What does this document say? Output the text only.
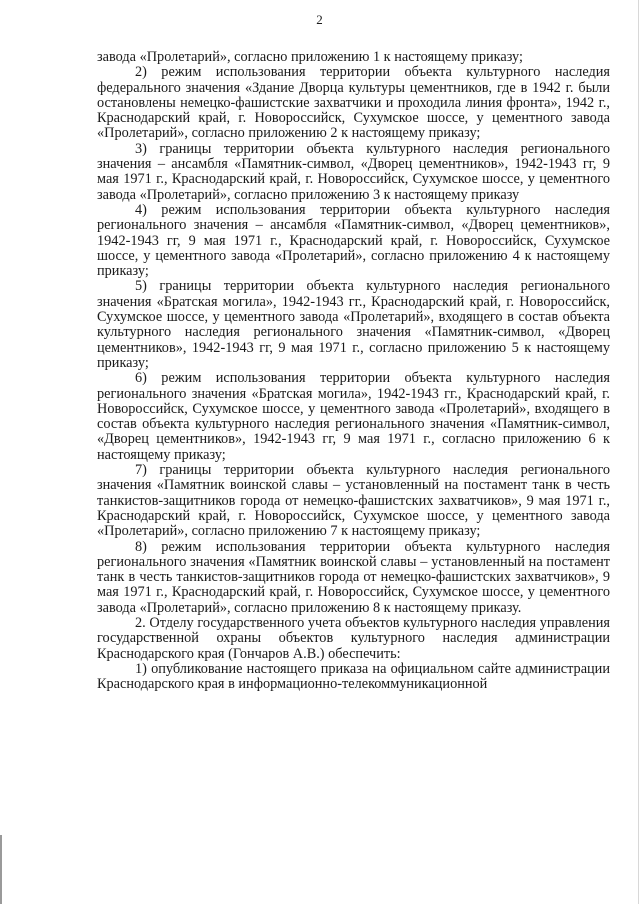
2

завода «Пролетарий», согласно приложению 1 к настоящему приказу;

2) режим использования территории объекта культурного наследия федерального значения «Здание Дворца культуры цементников, где в 1942 г. были остановлены немецко-фашистские захватчики и проходила линия фронта», 1942 г., Краснодарский край, г. Новороссийск, Сухумское шоссе, у цементного завода «Пролетарий», согласно приложению 2 к настоящему приказу;

3) границы территории объекта культурного наследия регионального значения – ансамбля «Памятник-символ, «Дворец цементников», 1942-1943 гг, 9 мая 1971 г., Краснодарский край, г. Новороссийск, Сухумское шоссе, у цементного завода «Пролетарий», согласно приложению 3 к настоящему приказу

4) режим использования территории объекта культурного наследия регионального значения – ансамбля «Памятник-символ, «Дворец цементников», 1942-1943 гг, 9 мая 1971 г., Краснодарский край, г. Новороссийск, Сухумское шоссе, у цементного завода «Пролетарий», согласно приложению 4 к настоящему приказу;

5) границы территории объекта культурного наследия регионального значения «Братская могила», 1942-1943 гг., Краснодарский край, г. Новороссийск, Сухумское шоссе, у цементного завода «Пролетарий», входящего в состав объекта культурного наследия регионального значения «Памятник-символ, «Дворец цементников», 1942-1943 гг, 9 мая 1971 г., согласно приложению 5 к настоящему приказу;

6) режим использования территории объекта культурного наследия регионального значения «Братская могила», 1942-1943 гг., Краснодарский край, г. Новороссийск, Сухумское шоссе, у цементного завода «Пролетарий», входящего в состав объекта культурного наследия регионального значения «Памятник-символ, «Дворец цементников», 1942-1943 гг, 9 мая 1971 г., согласно приложению 6 к настоящему приказу;

7) границы территории объекта культурного наследия регионального значения «Памятник воинской славы – установленный на постамент танк в честь танкистов-защитников города от немецко-фашистских захватчиков», 9 мая 1971 г., Краснодарский край, г. Новороссийск, Сухумское шоссе, у цементного завода «Пролетарий», согласно приложению 7 к настоящему приказу;

8) режим использования территории объекта культурного наследия регионального значения «Памятник воинской славы – установленный на постамент танк в честь танкистов-защитников города от немецко-фашистских захватчиков», 9 мая 1971 г., Краснодарский край, г. Новороссийск, Сухумское шоссе, у цементного завода «Пролетарий», согласно приложению 8 к настоящему приказу.

2. Отделу государственного учета объектов культурного наследия управления государственной охраны объектов культурного наследия администрации Краснодарского края (Гончаров А.В.) обеспечить:

1) опубликование настоящего приказа на официальном сайте администрации Краснодарского края в информационно-телекоммуникационной
